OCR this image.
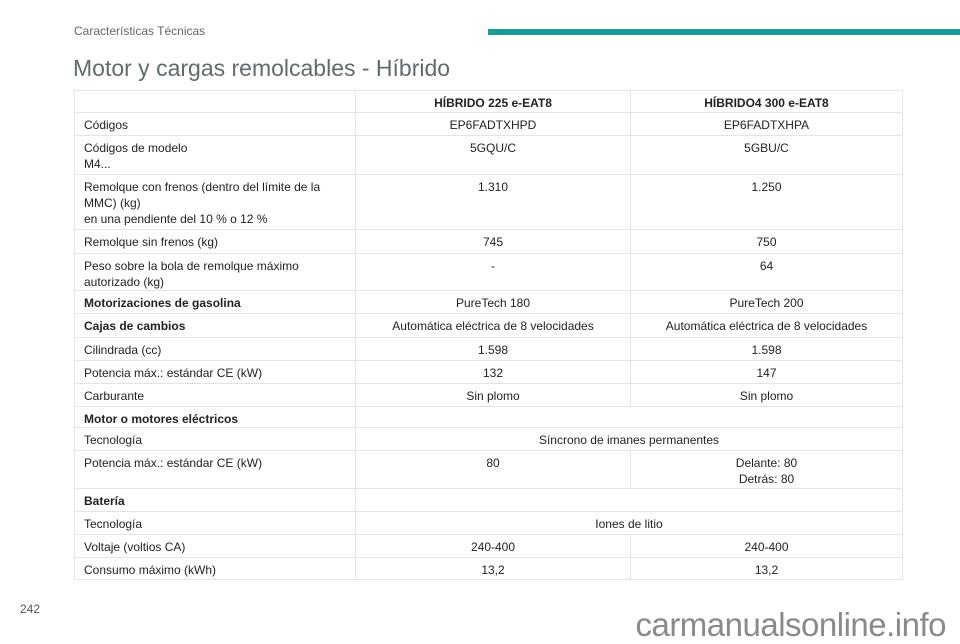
Características Técnicas
Motor y cargas remolcables - Híbrido
	HÍBRIDO 225 e-EAT8	HÍBRIDO4 300 e-EAT8
Códigos	EP6FADTXHPD	EP6FADTXHPA
Códigos de modelo
M4...	5GQU/C	5GBU/C
Remolque con frenos (dentro del límite de la MMC) (kg)
en una pendiente del 10 % o 12 %	1.310	1.250
Remolque sin frenos (kg)	745	750
Peso sobre la bola de remolque máximo autorizado (kg)	-	64
Motorizaciones de gasolina	PureTech 180	PureTech 200
Cajas de cambios	Automática eléctrica de 8 velocidades	Automática eléctrica de 8 velocidades
Cilindrada (cc)	1.598	1.598
Potencia máx.: estándar CE (kW)	132	147
Carburante	Sin plomo	Sin plomo
Motor o motores eléctricos		
Tecnología	Síncrono de imanes permanentes	
Potencia máx.: estándar CE (kW)	80	Delante: 80
Detrás: 80
Batería		
Tecnología	Iones de litio	
Voltaje (voltios CA)	240-400	240-400
Consumo máximo (kWh)	13,2	13,2
242	carmanualsonline.info
